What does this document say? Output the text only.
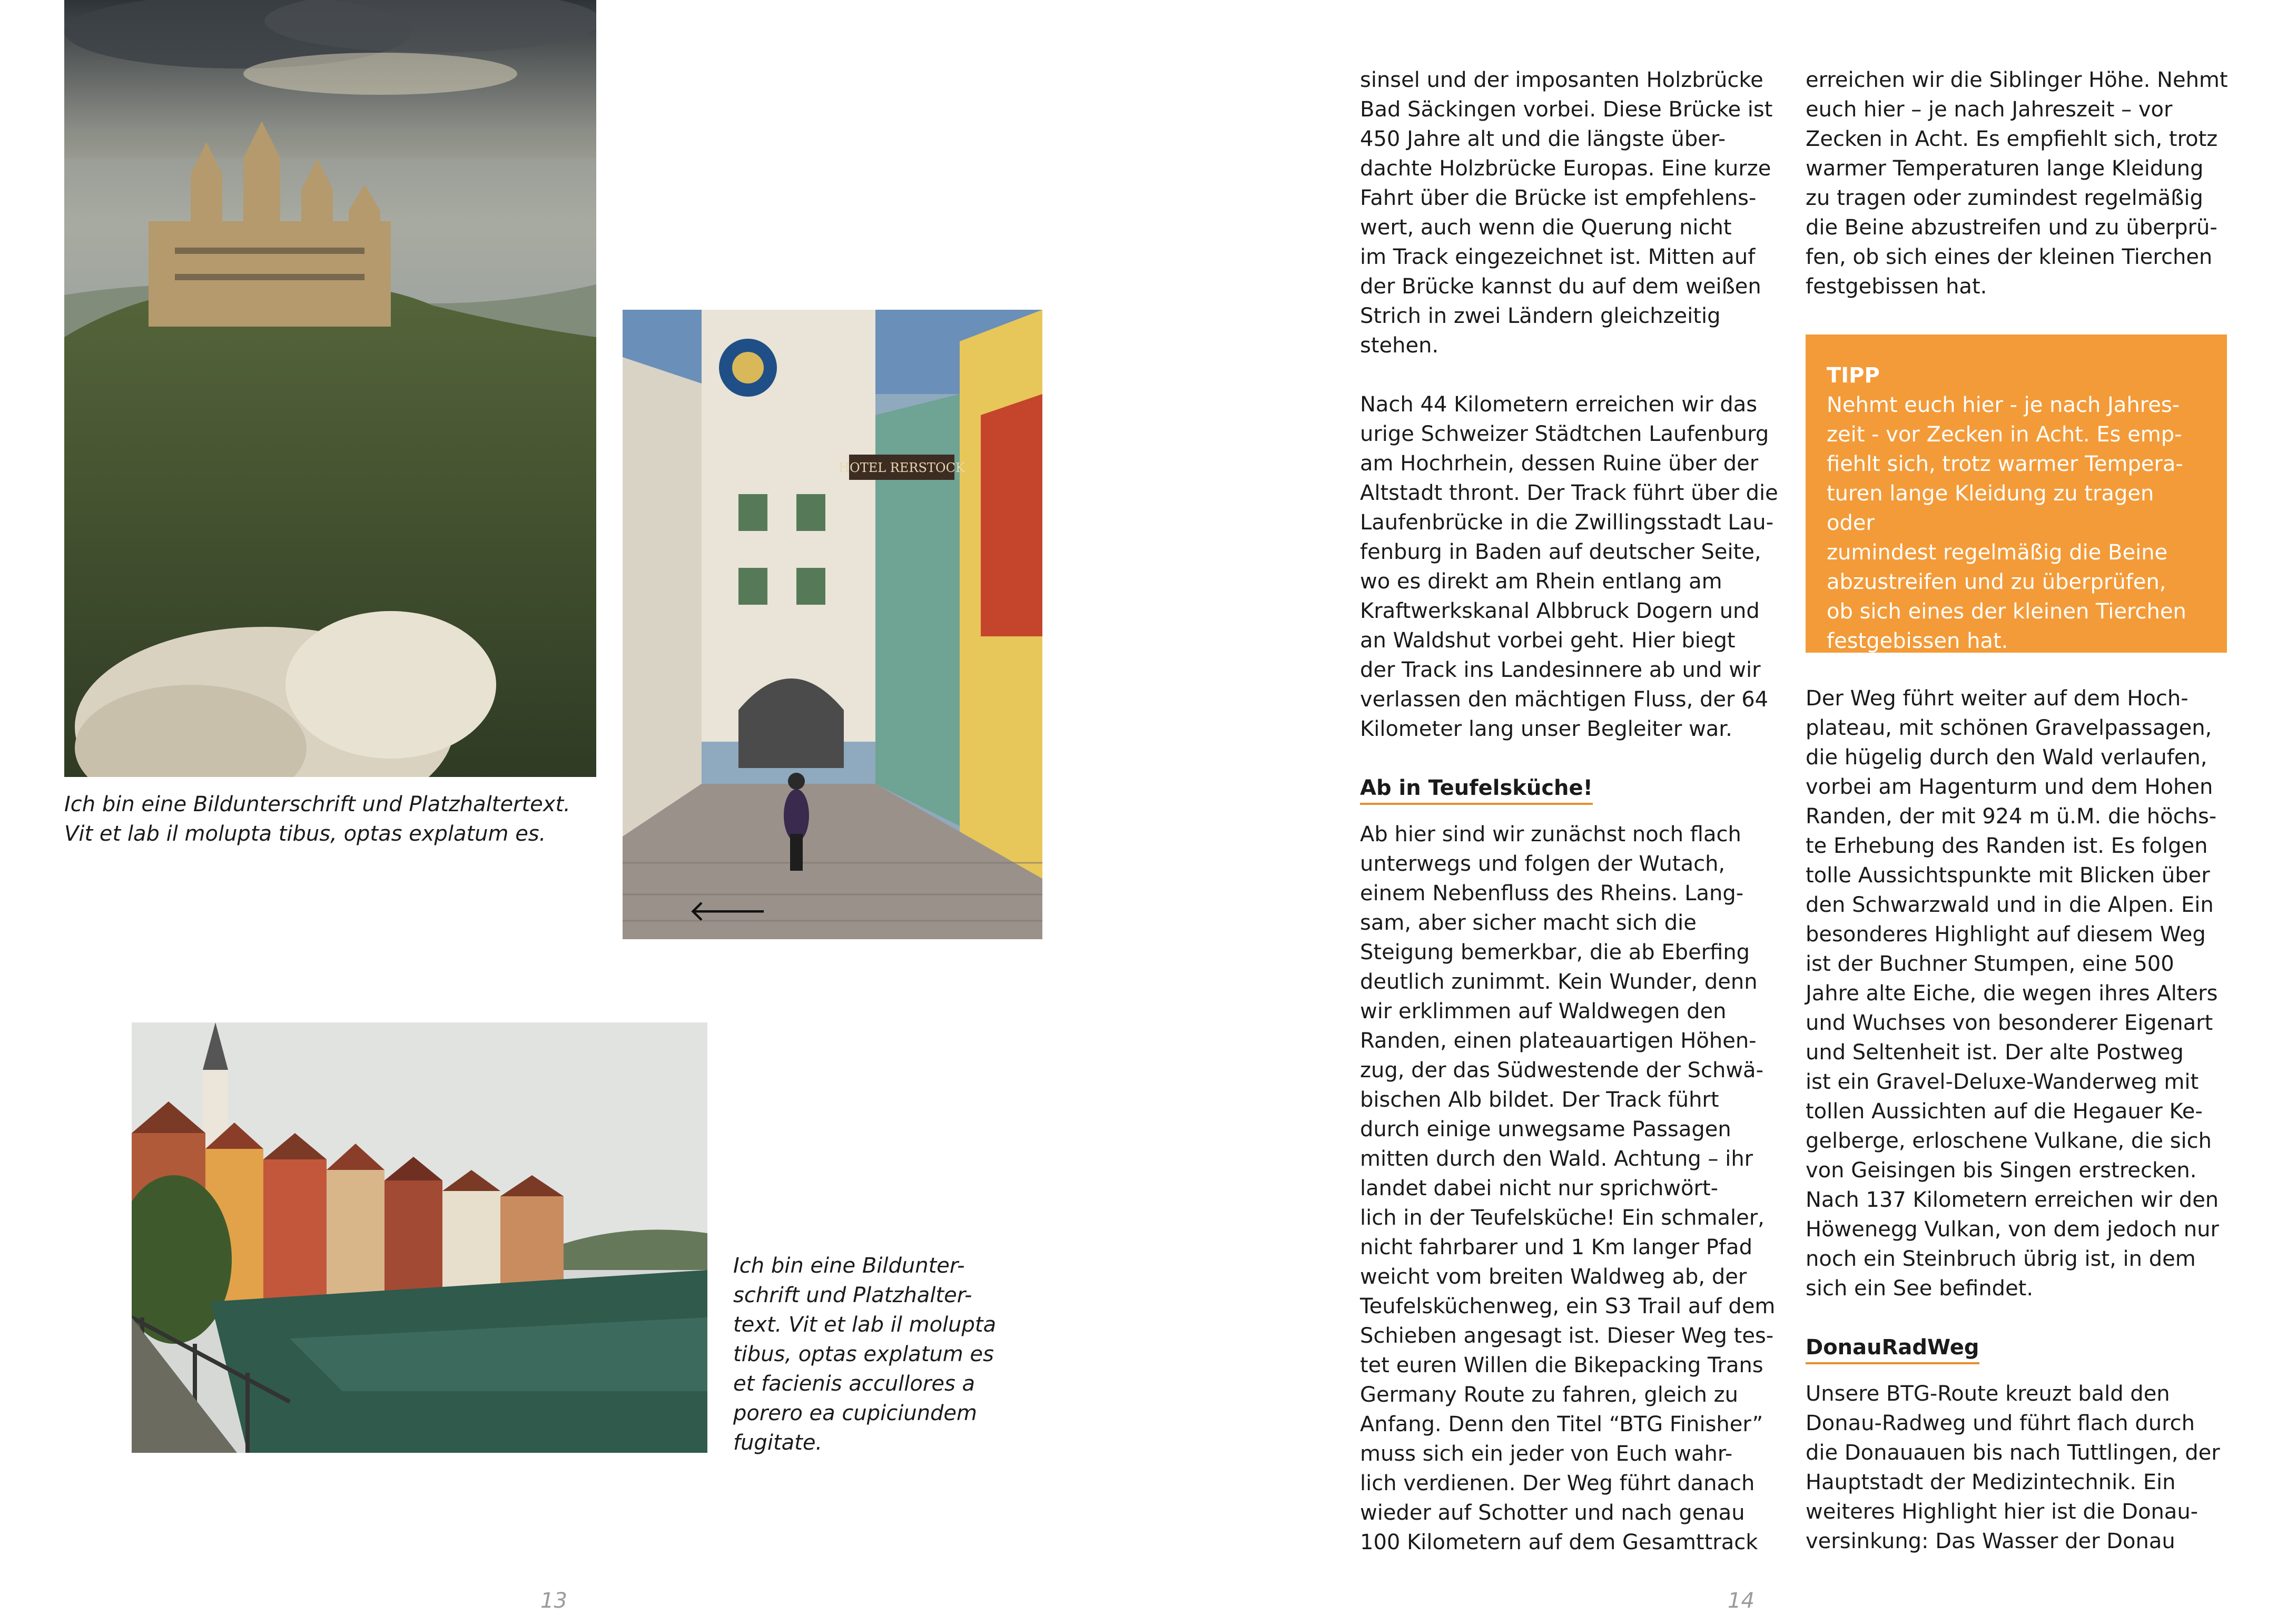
Ich bin eine Bildunterschrift und Platzhaltertext.
Vit et lab il molupta tibus, optas explatum es.
HOTEL RERSTOCK
🡐
Ich bin eine Bildunter-
schrift und Platzhalter-
text. Vit et lab il molupta
tibus, optas explatum es
et facienis accullores a
porero ea cupiciundem
fugitate.
13

sinsel und der imposanten Holzbrücke
Bad Säckingen vorbei. Diese Brücke ist
450 Jahre alt und die längste über-
dachte Holzbrücke Europas. Eine kurze
Fahrt über die Brücke ist empfehlens-
wert, auch wenn die Querung nicht
im Track eingezeichnet ist. Mitten auf
der Brücke kannst du auf dem weißen
Strich in zwei Ländern gleichzeitig
stehen.

Nach 44 Kilometern erreichen wir das
urige Schweizer Städtchen Laufenburg
am Hochrhein, dessen Ruine über der
Altstadt thront. Der Track führt über die
Laufenbrücke in die Zwillingsstadt Lau-
fenburg in Baden auf deutscher Seite,
wo es direkt am Rhein entlang am
Kraftwerkskanal Albbruck Dogern und
an Waldshut vorbei geht. Hier biegt
der Track ins Landesinnere ab und wir
verlassen den mächtigen Fluss, der 64
Kilometer lang unser Begleiter war.

Ab in Teufelsküche!

Ab hier sind wir zunächst noch flach
unterwegs und folgen der Wutach,
einem Nebenfluss des Rheins. Lang-
sam, aber sicher macht sich die
Steigung bemerkbar, die ab Eberfing
deutlich zunimmt. Kein Wunder, denn
wir erklimmen auf Waldwegen den
Randen, einen plateauartigen Höhen-
zug, der das Südwestende der Schwä-
bischen Alb bildet. Der Track führt
durch einige unwegsame Passagen
mitten durch den Wald. Achtung – ihr
landet dabei nicht nur sprichwört-
lich in der Teufelsküche! Ein schmaler,
nicht fahrbarer und 1 Km langer Pfad
weicht vom breiten Waldweg ab, der
Teufelsküchenweg, ein S3 Trail auf dem
Schieben angesagt ist. Dieser Weg tes-
tet euren Willen die Bikepacking Trans
Germany Route zu fahren, gleich zu
Anfang. Denn den Titel “BTG Finisher”
muss sich ein jeder von Euch wahr-
lich verdienen. Der Weg führt danach
wieder auf Schotter und nach genau
100 Kilometern auf dem Gesamttrack

erreichen wir die Siblinger Höhe. Nehmt
euch hier – je nach Jahreszeit – vor
Zecken in Acht. Es empfiehlt sich, trotz
warmer Temperaturen lange Kleidung
zu tragen oder zumindest regelmäßig
die Beine abzustreifen und zu überprü-
fen, ob sich eines der kleinen Tierchen
festgebissen hat.

TIPP
Nehmt euch hier - je nach Jahres-
zeit - vor Zecken in Acht. Es emp-
fiehlt sich, trotz warmer Tempera-
turen lange Kleidung zu tragen oder
zumindest regelmäßig die Beine
abzustreifen und zu überprüfen,
ob sich eines der kleinen Tierchen
festgebissen hat.

Der Weg führt weiter auf dem Hoch-
plateau, mit schönen Gravelpassagen,
die hügelig durch den Wald verlaufen,
vorbei am Hagenturm und dem Hohen
Randen, der mit 924 m ü.M. die höchs-
te Erhebung des Randen ist. Es folgen
tolle Aussichtspunkte mit Blicken über
den Schwarzwald und in die Alpen. Ein
besonderes Highlight auf diesem Weg
ist der Buchner Stumpen, eine 500
Jahre alte Eiche, die wegen ihres Alters
und Wuchses von besonderer Eigenart
und Seltenheit ist. Der alte Postweg
ist ein Gravel-Deluxe-Wanderweg mit
tollen Aussichten auf die Hegauer Ke-
gelberge, erloschene Vulkane, die sich
von Geisingen bis Singen erstrecken.
Nach 137 Kilometern erreichen wir den
Höwenegg Vulkan, von dem jedoch nur
noch ein Steinbruch übrig ist, in dem
sich ein See befindet.

DonauRadWeg

Unsere BTG-Route kreuzt bald den
Donau-Radweg und führt flach durch
die Donauauen bis nach Tuttlingen, der
Hauptstadt der Medizintechnik. Ein
weiteres Highlight hier ist die Donau-
versinkung: Das Wasser der Donau

14
